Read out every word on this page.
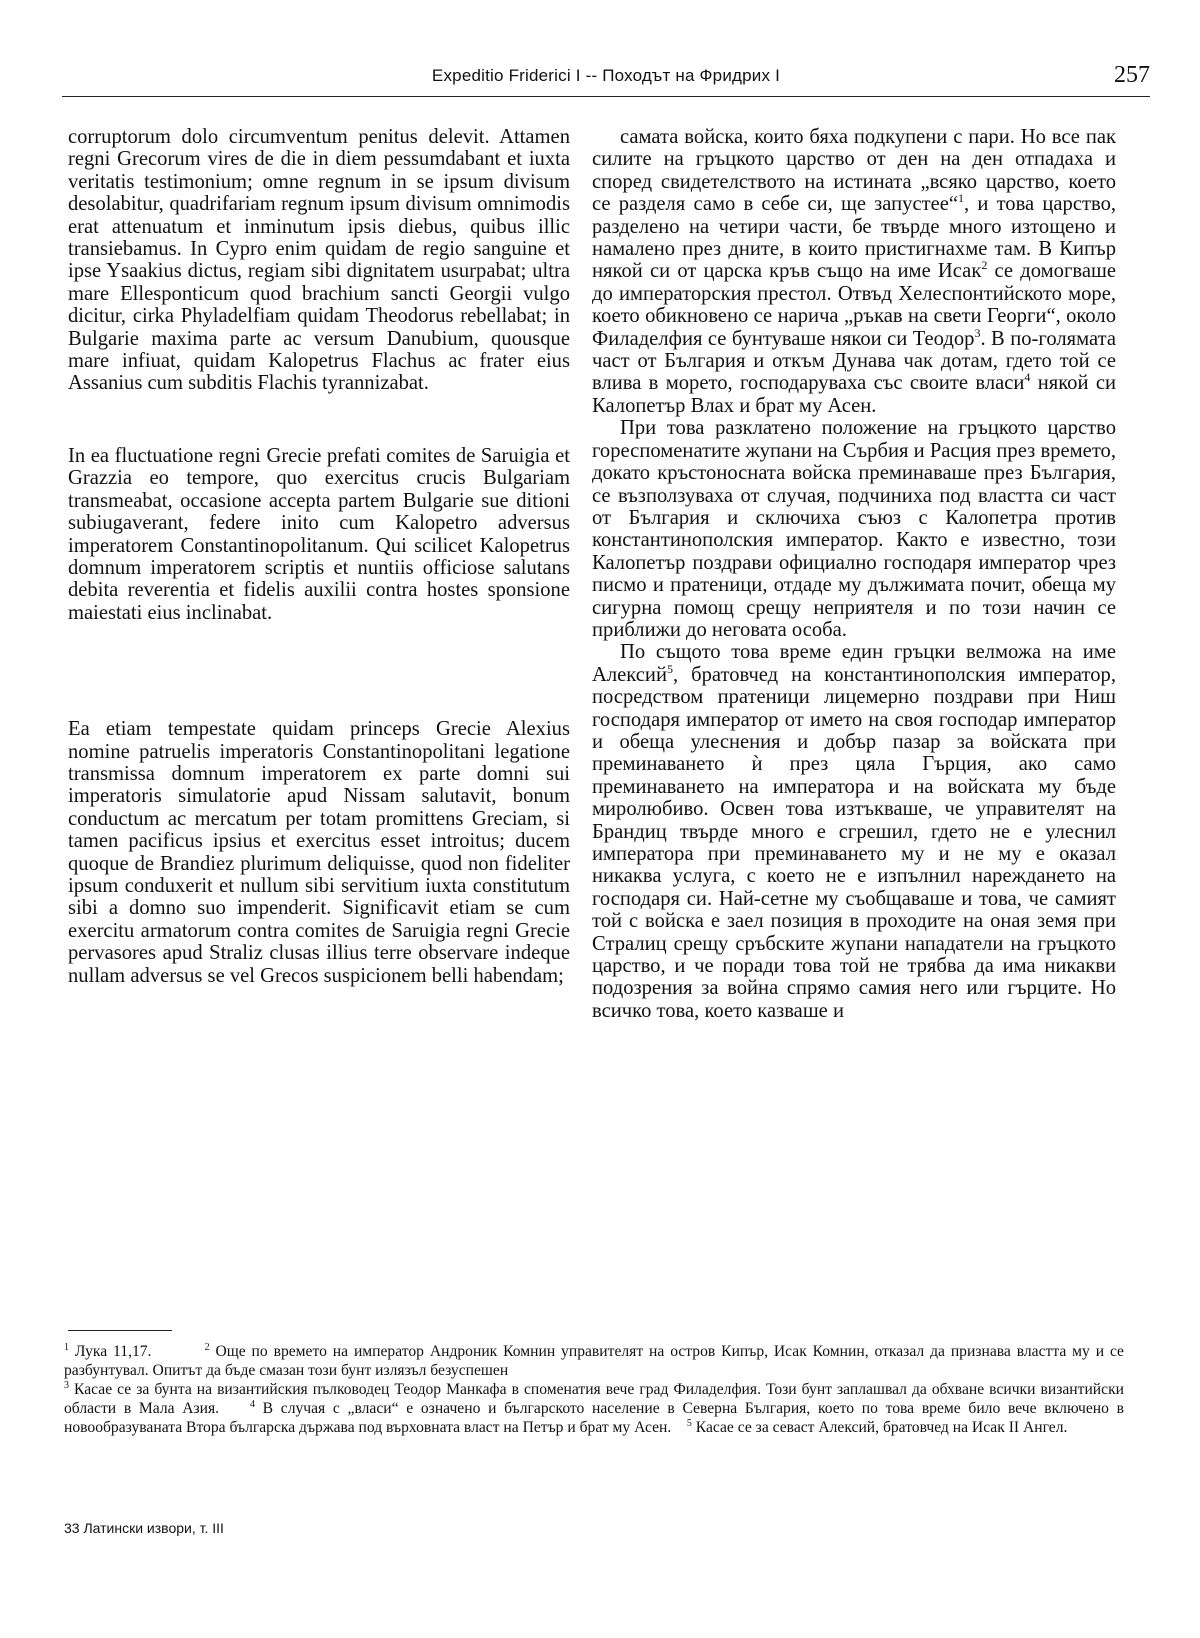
Expeditio Friderici I -- Походът на Фридрих I	257

corruptorum dolo circumventum penitus delevit. Attamen regni Grecorum vires de die in diem pessumdabant et iuxta veritatis testimonium; omne regnum in se ipsum divisum desolabitur, quadrifariam regnum ipsum divisum omnimodis erat attenuatum et inminutum ipsis diebus, quibus illic transiebamus. In Cypro enim quidam de regio sanguine et ipse Ysaakius dictus, regiam sibi dignitatem usurpabat; ultra mare Ellesponticum quod brachium sancti Georgii vulgo dicitur, cirka Phyladelfiam quidam Theodorus rebellabat; in Bulgarie maxima parte ac versum Danubium, quousque mare infiuat, quidam Kalopetrus Flachus ac frater eius Assanius cum subditis Flachis tyrannizabat.

In ea fluctuatione regni Grecie prefati comites de Saruigia et Grazzia eo tempore, quo exercitus crucis Bulgariam transmeabat, occasione accepta partem Bulgarie sue ditioni subiugaverant, federe inito cum Kalopetro adversus imperatorem Constantinopolitanum. Qui scilicet Kalopetrus domnum imperatorem scriptis et nuntiis officiose salutans debita reverentia et fidelis auxilii contra hostes sponsione maiestati eius inclinabat.

Ea etiam tempestate quidam princeps Grecie Alexius nomine patruelis imperatoris Constantinopolitani legatione transmissa domnum imperatorem ex parte domni sui imperatoris simulatorie apud Nissam salutavit, bonum conductum ac mercatum per totam promittens Greciam, si tamen pacificus ipsius et exercitus esset introitus; ducem quoque de Brandiez plurimum deliquisse, quod non fideliter ipsum conduxerit et nullum sibi servitium iuxta constitutum sibi a domno suo impenderit. Significavit etiam se cum exercitu armatorum contra comites de Saruigia regni Grecie pervasores apud Straliz clusas illius terre observare indeque nullam adversus se vel Grecos suspicionem belli habendam;

самата войска, които бяха подкупени с пари. Но все пак силите на гръцкото царство от ден на ден отпадаха и според свидетелството на истината „всяко царство, което се разделя само в себе си, ще запустее“$^1$, и това царство, разделено на четири части, бе твърде много изтощено и намалено през дните, в които пристигнахме там. В Кипър някой си от царска кръв също на име Исак$^2$ се домогваше до императорския престол. Отвъд Хелеспонтийското море, което обикновено се нарича „ръкав на свети Георги“, около Филаделфия се бунтуваше някои си Теодор$^3$. В по-голямата част от България и откъм Дунава чак дотам, гдето той се влива в морето, господаруваха със своите власи$^4$ някой си Калопетър Влах и брат му Асен.

При това разклатено положение на гръцкото царство гореспоменатите жупани на Сърбия и Расция през времето, докато кръстоносната войска преминаваше през България, се възползуваха от случая, подчиниха под властта си част от България и сключиха съюз с Калопетра против константинополския император. Както е известно, този Калопетър поздрави официално господаря император чрез писмо и пратеници, отдаде му дължимата почит, обеща му сигурна помощ срещу неприятеля и по този начин се приближи до неговата особа.

По същото това време един гръцки велможа на име Алексий$^5$, братовчед на константинополския император, посредством пратеници лицемерно поздрави при Ниш господаря император от името на своя господар император и обеща улеснения и добър пазар за войската при преминаването ѝ през цяла Гърция, ако само преминаването на императора и на войската му бъде миролюбиво. Освен това изтъкваше, че управителят на Брандиц твърде много е сгрешил, гдето не е улеснил императора при преминаването му и не му е оказал никаква услуга, с което не е изпълнил нареждането на господаря си. Най-сетне му съобщаваше и това, че самият той с войска е заел позиция в проходите на оная земя при Стралиц срещу сръбските жупани нападатели на гръцкото царство, и че поради това той не трябва да има никакви подозрения за война спрямо самия него или гърците. Но всичко това, което казваше и

$^1$ Лука 11,17.	$^2$ Още по времето на император Андроник Комнин управителят на остров Кипър, Исак Комнин, отказал да признава властта му и се разбунтувал. Опитът да бъде смазан този бунт излязъл безуспешен

$^3$ Касае се за бунта на византийския пълководец Теодор Манкафа в споменатия вече град Филаделфия. Този бунт заплашвал да обхване всички византийски области в Мала Азия.	$^4$ В случая с „власи“ е означено и българското население в Северна България, което по това време било вече включено в новообразуваната Втора българска държава под върховната власт на Петър и брат му Асен. $^5$ Касае се за севаст Алексий, братовчед на Исак II Ангел.

33 Латински извори, т. III
